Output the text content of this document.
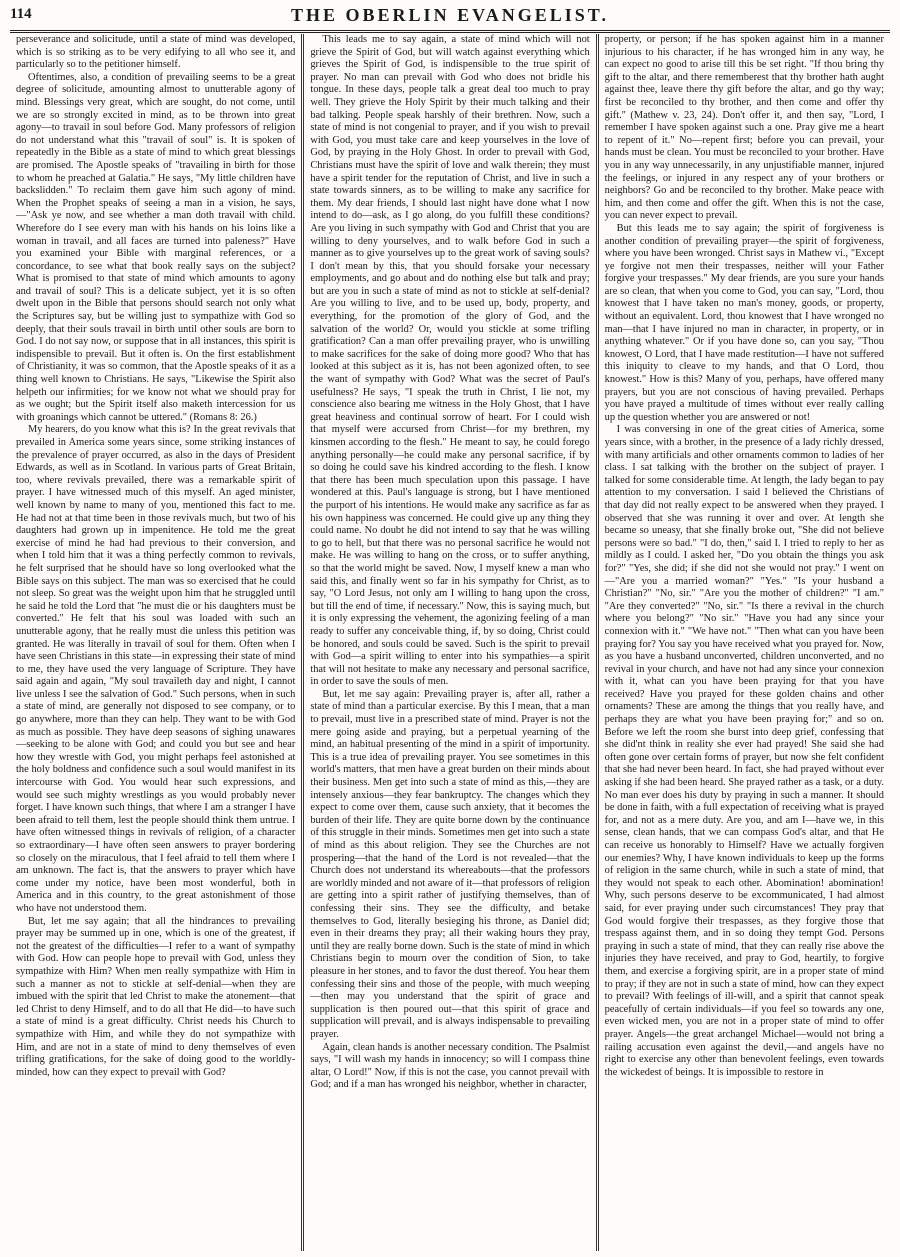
114	THE OBERLIN EVANGELIST.

perseverance and solicitude, until a state of mind was developed, which is so striking as to be very edifying to all who see it, and particularly so to the petitioner himself.

Oftentimes, also, a condition of prevailing seems to be a great degree of solicitude, amounting almost to unutterable agony of mind. Blessings very great, which are sought, do not come, until we are so strongly excited in mind, as to be thrown into great agony—to travail in soul before God. Many professors of religion do not understand what this "travail of soul" is. It is spoken of repeatedly in the Bible as a state of mind to which great blessings are promised. The Apostle speaks of "travailing in birth for those to whom he preached at Galatia." He says, "My little children have backslidden." To reclaim them gave him such agony of mind. When the Prophet speaks of seeing a man in a vision, he says,—"Ask ye now, and see whether a man doth travail with child. Wherefore do I see every man with his hands on his loins like a woman in travail, and all faces are turned into paleness?" Have you examined your Bible with marginal references, or a concordance, to see what that book really says on the subject? What is promised to that state of mind which amounts to agony and travail of soul? This is a delicate subject, yet it is so often dwelt upon in the Bible that persons should search not only what the Scriptures say, but be willing just to sympathize with God so deeply, that their souls travail in birth until other souls are born to God. I do not say now, or suppose that in all instances, this spirit is indispensible to prevail. But it often is. On the first establishment of Christianity, it was so common, that the Apostle speaks of it as a thing well known to Christians. He says, "Likewise the Spirit also helpeth our infirmities; for we know not what we should pray for as we ought; but the Spirit itself also maketh intercession for us with groanings which cannot be uttered." (Romans 8: 26.)

My hearers, do you know what this is? In the great revivals that prevailed in America some years since, some striking instances of the prevalence of prayer occurred, as also in the days of President Edwards, as well as in Scotland. In various parts of Great Britain, too, where revivals prevailed, there was a remarkable spirit of prayer. I have witnessed much of this myself. An aged minister, well known by name to many of you, mentioned this fact to me. He had not at that time been in those revivals much, but two of his daughters had grown up in impenitence. He told me the great exercise of mind he had had previous to their conversion, and when I told him that it was a thing perfectly common to revivals, he felt surprised that he should have so long overlooked what the Bible says on this subject. The man was so exercised that he could not sleep. So great was the weight upon him that he struggled until he said he told the Lord that "he must die or his daughters must be converted." He felt that his soul was loaded with such an unutterable agony, that he really must die unless this petition was granted. He was literally in travail of soul for them. Often when I have seen Christians in this state—in expressing their state of mind to me, they have used the very language of Scripture. They have said again and again, "My soul travaileth day and night, I cannot live unless I see the salvation of God." Such persons, when in such a state of mind, are generally not disposed to see company, or to go anywhere, more than they can help. They want to be with God as much as possible. They have deep seasons of sighing unawares—seeking to be alone with God; and could you but see and hear how they wrestle with God, you might perhaps feel astonished at the holy boldness and confidence such a soul would manifest in its intercourse with God. You would hear such expressions, and would see such mighty wrestlings as you would probably never forget. I have known such things, that where I am a stranger I have been afraid to tell them, lest the people should think them untrue. I have often witnessed things in revivals of religion, of a character so extraordinary—I have often seen answers to prayer bordering so closely on the miraculous, that I feel afraid to tell them where I am unknown. The fact is, that the answers to prayer which have come under my notice, have been most wonderful, both in America and in this country, to the great astonishment of those who have not understood them.

But, let me say again; that all the hindrances to prevailing prayer may be summed up in one, which is one of the greatest, if not the greatest of the difficulties—I refer to a want of sympathy with God. How can people hope to prevail with God, unless they sympathize with Him? When men really sympathize with Him in such a manner as not to stickle at self-denial—when they are imbued with the spirit that led Christ to make the atonement—that led Christ to deny Himself, and to do all that He did—to have such a state of mind is a great difficulty. Christ needs his Church to sympathize with Him, and while they do not sympathize with Him, and are not in a state of mind to deny themselves of even trifling gratifications, for the sake of doing good to the worldly-minded, how can they expect to prevail with God?

This leads me to say again, a state of mind which will not grieve the Spirit of God, but will watch against everything which grieves the Spirit of God, is indispensible to the true spirit of prayer. No man can prevail with God who does not bridle his tongue. In these days, people talk a great deal too much to pray well. They grieve the Holy Spirit by their much talking and their bad talking. People speak harshly of their brethren. Now, such a state of mind is not congenial to prayer, and if you wish to prevail with God, you must take care and keep yourselves in the love of God, by praying in the Holy Ghost. In order to prevail with God, Christians must have the spirit of love and walk therein; they must have a spirit tender for the reputation of Christ, and live in such a state towards sinners, as to be willing to make any sacrifice for them. My dear friends, I should last night have done what I now intend to do—ask, as I go along, do you fulfill these conditions? Are you living in such sympathy with God and Christ that you are willing to deny yourselves, and to walk before God in such a manner as to give yourselves up to the great work of saving souls? I don't mean by this, that you should forsake your necessary employments, and go about and do nothing else but talk and pray; but are you in such a state of mind as not to stickle at self-denial? Are you willing to live, and to be used up, body, property, and everything, for the promotion of the glory of God, and the salvation of the world? Or, would you stickle at some trifling gratification? Can a man offer prevailing prayer, who is unwilling to make sacrifices for the sake of doing more good? Who that has looked at this subject as it is, has not been agonized often, to see the want of sympathy with God? What was the secret of Paul's usefulness? He says, "I speak the truth in Christ, I lie not, my conscience also bearing me witness in the Holy Ghost, that I have great heaviness and continual sorrow of heart. For I could wish that myself were accursed from Christ—for my brethren, my kinsmen according to the flesh." He meant to say, he could forego anything personally—he could make any personal sacrifice, if by so doing he could save his kindred according to the flesh. I know that there has been much speculation upon this passage. I have wondered at this. Paul's language is strong, but I have mentioned the purport of his intentions. He would make any sacrifice as far as his own happiness was concerned. He could give up any thing they could name. No doubt he did not intend to say that he was willing to go to hell, but that there was no personal sacrifice he would not make. He was willing to hang on the cross, or to suffer anything, so that the world might be saved. Now, I myself knew a man who said this, and finally went so far in his sympathy for Christ, as to say, "O Lord Jesus, not only am I willing to hang upon the cross, but till the end of time, if necessary." Now, this is saying much, but it is only expressing the vehement, the agonizing feeling of a man ready to suffer any conceivable thing, if, by so doing, Christ could be honored, and souls could be saved. Such is the spirit to prevail with God—a spirit willing to enter into his sympathies—a spirit that will not hesitate to make any necessary and personal sacrifice, in order to save the souls of men.

But, let me say again: Prevailing prayer is, after all, rather a state of mind than a particular exercise. By this I mean, that a man to prevail, must live in a prescribed state of mind. Prayer is not the mere going aside and praying, but a perpetual yearning of the mind, an habitual presenting of the mind in a spirit of importunity. This is a true idea of prevailing prayer. You see sometimes in this world's matters, that men have a great burden on their minds about their business. Men get into such a state of mind as this,—they are intensely anxious—they fear bankruptcy. The changes which they expect to come over them, cause such anxiety, that it becomes the burden of their life. They are quite borne down by the continuance of this struggle in their minds. Sometimes men get into such a state of mind as this about religion. They see the Churches are not prospering—that the hand of the Lord is not revealed—that the Church does not understand its whereabouts—that the professors are worldly minded and not aware of it—that professors of religion are getting into a spirit rather of justifying themselves, than of confessing their sins. They see the difficulty, and betake themselves to God, literally besieging his throne, as Daniel did; even in their dreams they pray; all their waking hours they pray, until they are really borne down. Such is the state of mind in which Christians begin to mourn over the condition of Sion, to take pleasure in her stones, and to favor the dust thereof. You hear them confessing their sins and those of the people, with much weeping—then may you understand that the spirit of grace and supplication is then poured out—that this spirit of grace and supplication will prevail, and is always indispensable to prevailing prayer.

Again, clean hands is another necessary condition. The Psalmist says, "I will wash my hands in innocency; so will I compass thine altar, O Lord!" Now, if this is not the case, you cannot prevail with God; and if a man has wronged his neighbor, whether in character,

property, or person; if he has spoken against him in a manner injurious to his character, if he has wronged him in any way, he can expect no good to arise till this be set right. "If thou bring thy gift to the altar, and there rememberest that thy brother hath aught against thee, leave there thy gift before the altar, and go thy way; first be reconciled to thy brother, and then come and offer thy gift." (Mathew v. 23, 24). Don't offer it, and then say, "Lord, I remember I have spoken against such a one. Pray give me a heart to repent of it." No—repent first; before you can prevail, your hands must be clean. You must be reconciled to your brother. Have you in any way unnecessarily, in any unjustifiable manner, injured the feelings, or injured in any respect any of your brothers or neighbors? Go and be reconciled to thy brother. Make peace with him, and then come and offer the gift. When this is not the case, you can never expect to prevail.

But this leads me to say again; the spirit of forgiveness is another condition of prevailing prayer—the spirit of forgiveness, where you have been wronged. Christ says in Mathew vi., "Except ye forgive not men their trespasses, neither will your Father forgive your trespasses." My dear friends, are you sure your hands are so clean, that when you come to God, you can say, "Lord, thou knowest that I have taken no man's money, goods, or property, without an equivalent. Lord, thou knowest that I have wronged no man—that I have injured no man in character, in property, or in anything whatever." Or if you have done so, can you say, "Thou knowest, O Lord, that I have made restitution—I have not suffered this iniquity to cleave to my hands, and that O Lord, thou knowest." How is this? Many of you, perhaps, have offered many prayers, but you are not conscious of having prevailed. Perhaps you have prayed a multitude of times without ever really calling up the question whether you are answered or not!

I was conversing in one of the great cities of America, some years since, with a brother, in the presence of a lady richly dressed, with many artificials and other ornaments common to ladies of her class. I sat talking with the brother on the subject of prayer. I talked for some considerable time. At length, the lady began to pay attention to my conversation. I said I believed the Christians of that day did not really expect to be answered when they prayed. I observed that she was running it over and over. At length she became so uneasy, that she finally broke out, "She did not believe persons were so bad." "I do, then," said I. I tried to reply to her as mildly as I could. I asked her, "Do you obtain the things you ask for?" "Yes, she did; if she did not she would not pray." I went on—"Are you a married woman?" "Yes." "Is your husband a Christian?" "No, sir." "Are you the mother of children?" "I am." "Are they converted?" "No, sir." "Is there a revival in the church where you belong?" "No sir." "Have you had any since your connexion with it." "We have not." "Then what can you have been praying for? You say you have received what you prayed for. Now, as you have a husband unconverted, children unconverted, and no revival in your church, and have not had any since your connexion with it, what can you have been praying for that you have received? Have you prayed for these golden chains and other ornaments? These are among the things that you really have, and perhaps they are what you have been praying for;" and so on. Before we left the room she burst into deep grief, confessing that she did'nt think in reality she ever had prayed! She said she had often gone over certain forms of prayer, but now she felt confident that she had never been heard. In fact, she had prayed without ever asking if she had been heard. She prayed rather as a task, or a duty. No man ever does his duty by praying in such a manner. It should be done in faith, with a full expectation of receiving what is prayed for, and not as a mere duty. Are you, and am I—have we, in this sense, clean hands, that we can compass God's altar, and that He can receive us honorably to Himself? Have we actually forgiven our enemies? Why, I have known individuals to keep up the forms of religion in the same church, while in such a state of mind, that they would not speak to each other. Abomination! abomination! Why, such persons deserve to be excommunicated, I had almost said, for ever praying under such circumstances! They pray that God would forgive their trespasses, as they forgive those that trespass against them, and in so doing they tempt God. Persons praying in such a state of mind, that they can really rise above the injuries they have received, and pray to God, heartily, to forgive them, and exercise a forgiving spirit, are in a proper state of mind to pray; if they are not in such a state of mind, how can they expect to prevail? With feelings of ill-will, and a spirit that cannot speak peacefully of certain individuals—if you feel so towards any one, even wicked men, you are not in a proper state of mind to offer prayer. Angels—the great archangel Michael—would not bring a railing accusation even against the devil,—and angels have no right to exercise any other than benevolent feelings, even towards the wickedest of beings. It is impossible to restore in
